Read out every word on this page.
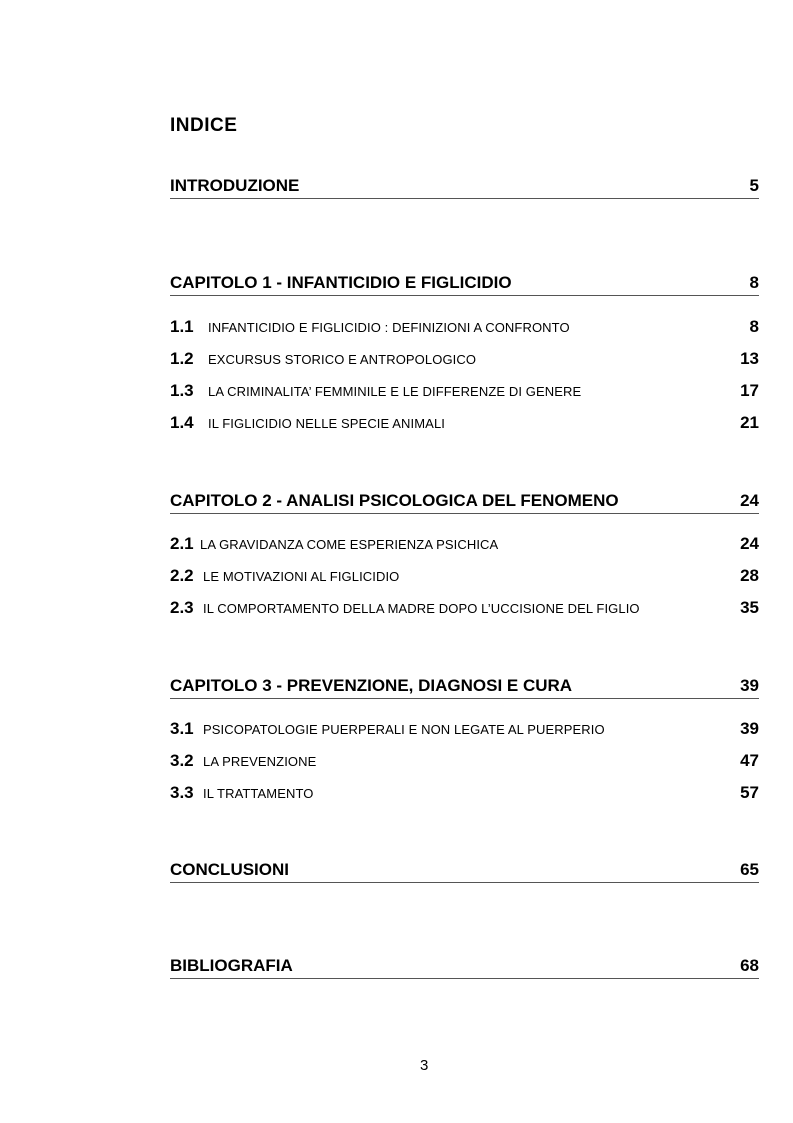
INDICE
INTRODUZIONE	5
CAPITOLO 1 - INFANTICIDIO E FIGLICIDIO	8
1.1 INFANTICIDIO E FIGLICIDIO : DEFINIZIONI A CONFRONTO	8
1.2 EXCURSUS STORICO E ANTROPOLOGICO	13
1.3 LA CRIMINALITA’ FEMMINILE E LE DIFFERENZE DI GENERE	17
1.4 IL FIGLICIDIO NELLE SPECIE ANIMALI	21
CAPITOLO 2 - ANALISI PSICOLOGICA DEL FENOMENO	24
2.1 LA GRAVIDANZA COME ESPERIENZA PSICHICA	24
2.2 LE MOTIVAZIONI AL FIGLICIDIO	28
2.3 IL COMPORTAMENTO DELLA MADRE DOPO L’UCCISIONE DEL FIGLIO	35
CAPITOLO 3 - PREVENZIONE, DIAGNOSI E CURA	39
3.1 PSICOPATOLOGIE PUERPERALI E NON LEGATE AL PUERPERIO	39
3.2 LA PREVENZIONE	47
3.3 IL TRATTAMENTO	57
CONCLUSIONI	65
BIBLIOGRAFIA	68
3
